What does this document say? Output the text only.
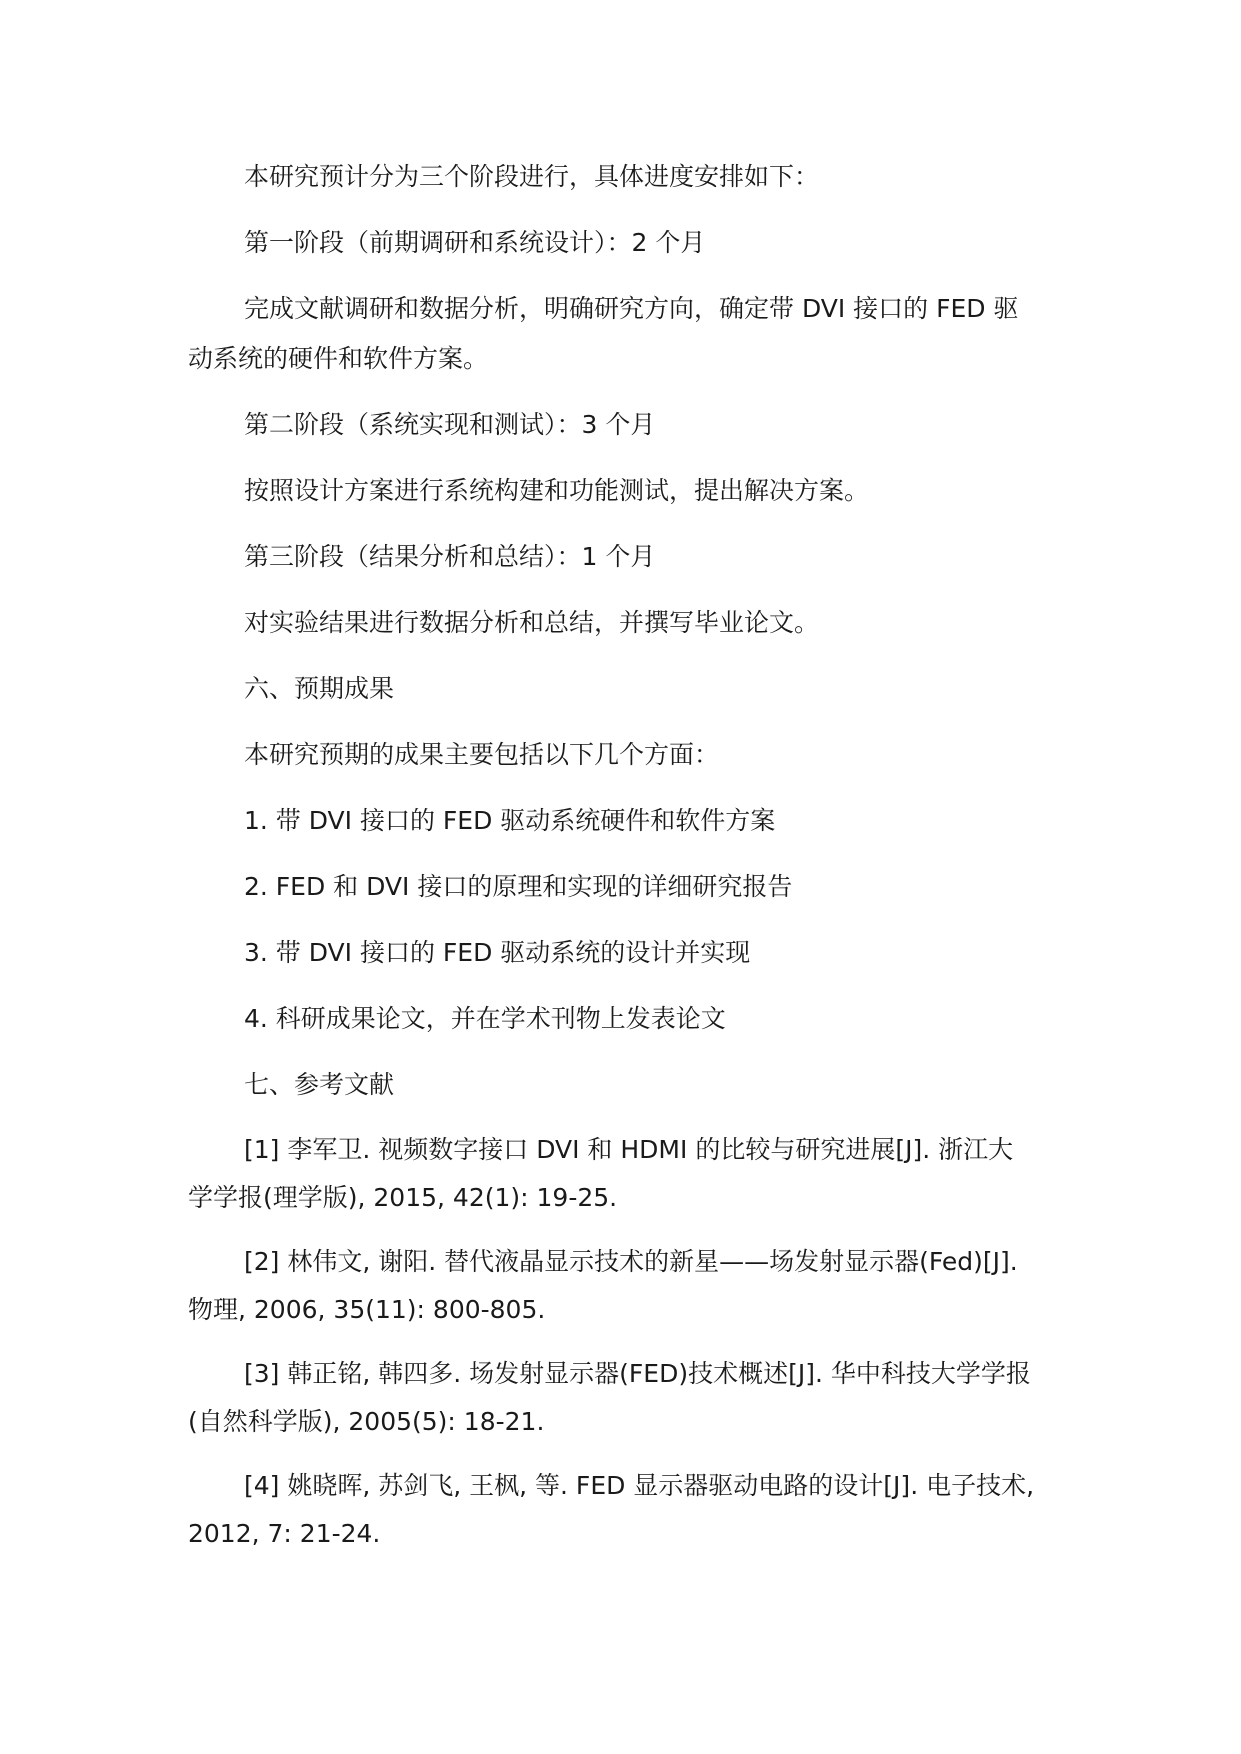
本研究预计分为三个阶段进行，具体进度安排如下：

第一阶段（前期调研和系统设计）：2 个月

完成文献调研和数据分析，明确研究方向，确定带 DVI 接口的 FED 驱动系统的硬件和软件方案。

第二阶段（系统实现和测试）：3 个月

按照设计方案进行系统构建和功能测试，提出解决方案。

第三阶段（结果分析和总结）：1 个月

对实验结果进行数据分析和总结，并撰写毕业论文。

六、预期成果

本研究预期的成果主要包括以下几个方面：

1. 带 DVI 接口的 FED 驱动系统硬件和软件方案

2. FED 和 DVI 接口的原理和实现的详细研究报告

3. 带 DVI 接口的 FED 驱动系统的设计并实现

4. 科研成果论文，并在学术刊物上发表论文

七、参考文献

[1] 李军卫. 视频数字接口 DVI 和 HDMI 的比较与研究进展[J]. 浙江大学学报(理学版), 2015, 42(1): 19-25.

[2] 林伟文, 谢阳. 替代液晶显示技术的新星——场发射显示器(Fed)[J]. 物理, 2006, 35(11): 800-805.

[3] 韩正铭, 韩四多. 场发射显示器(FED)技术概述[J]. 华中科技大学学报(自然科学版), 2005(5): 18-21.

[4] 姚晓晖, 苏剑飞, 王枫, 等. FED 显示器驱动电路的设计[J]. 电子技术, 2012, 7: 21-24.
